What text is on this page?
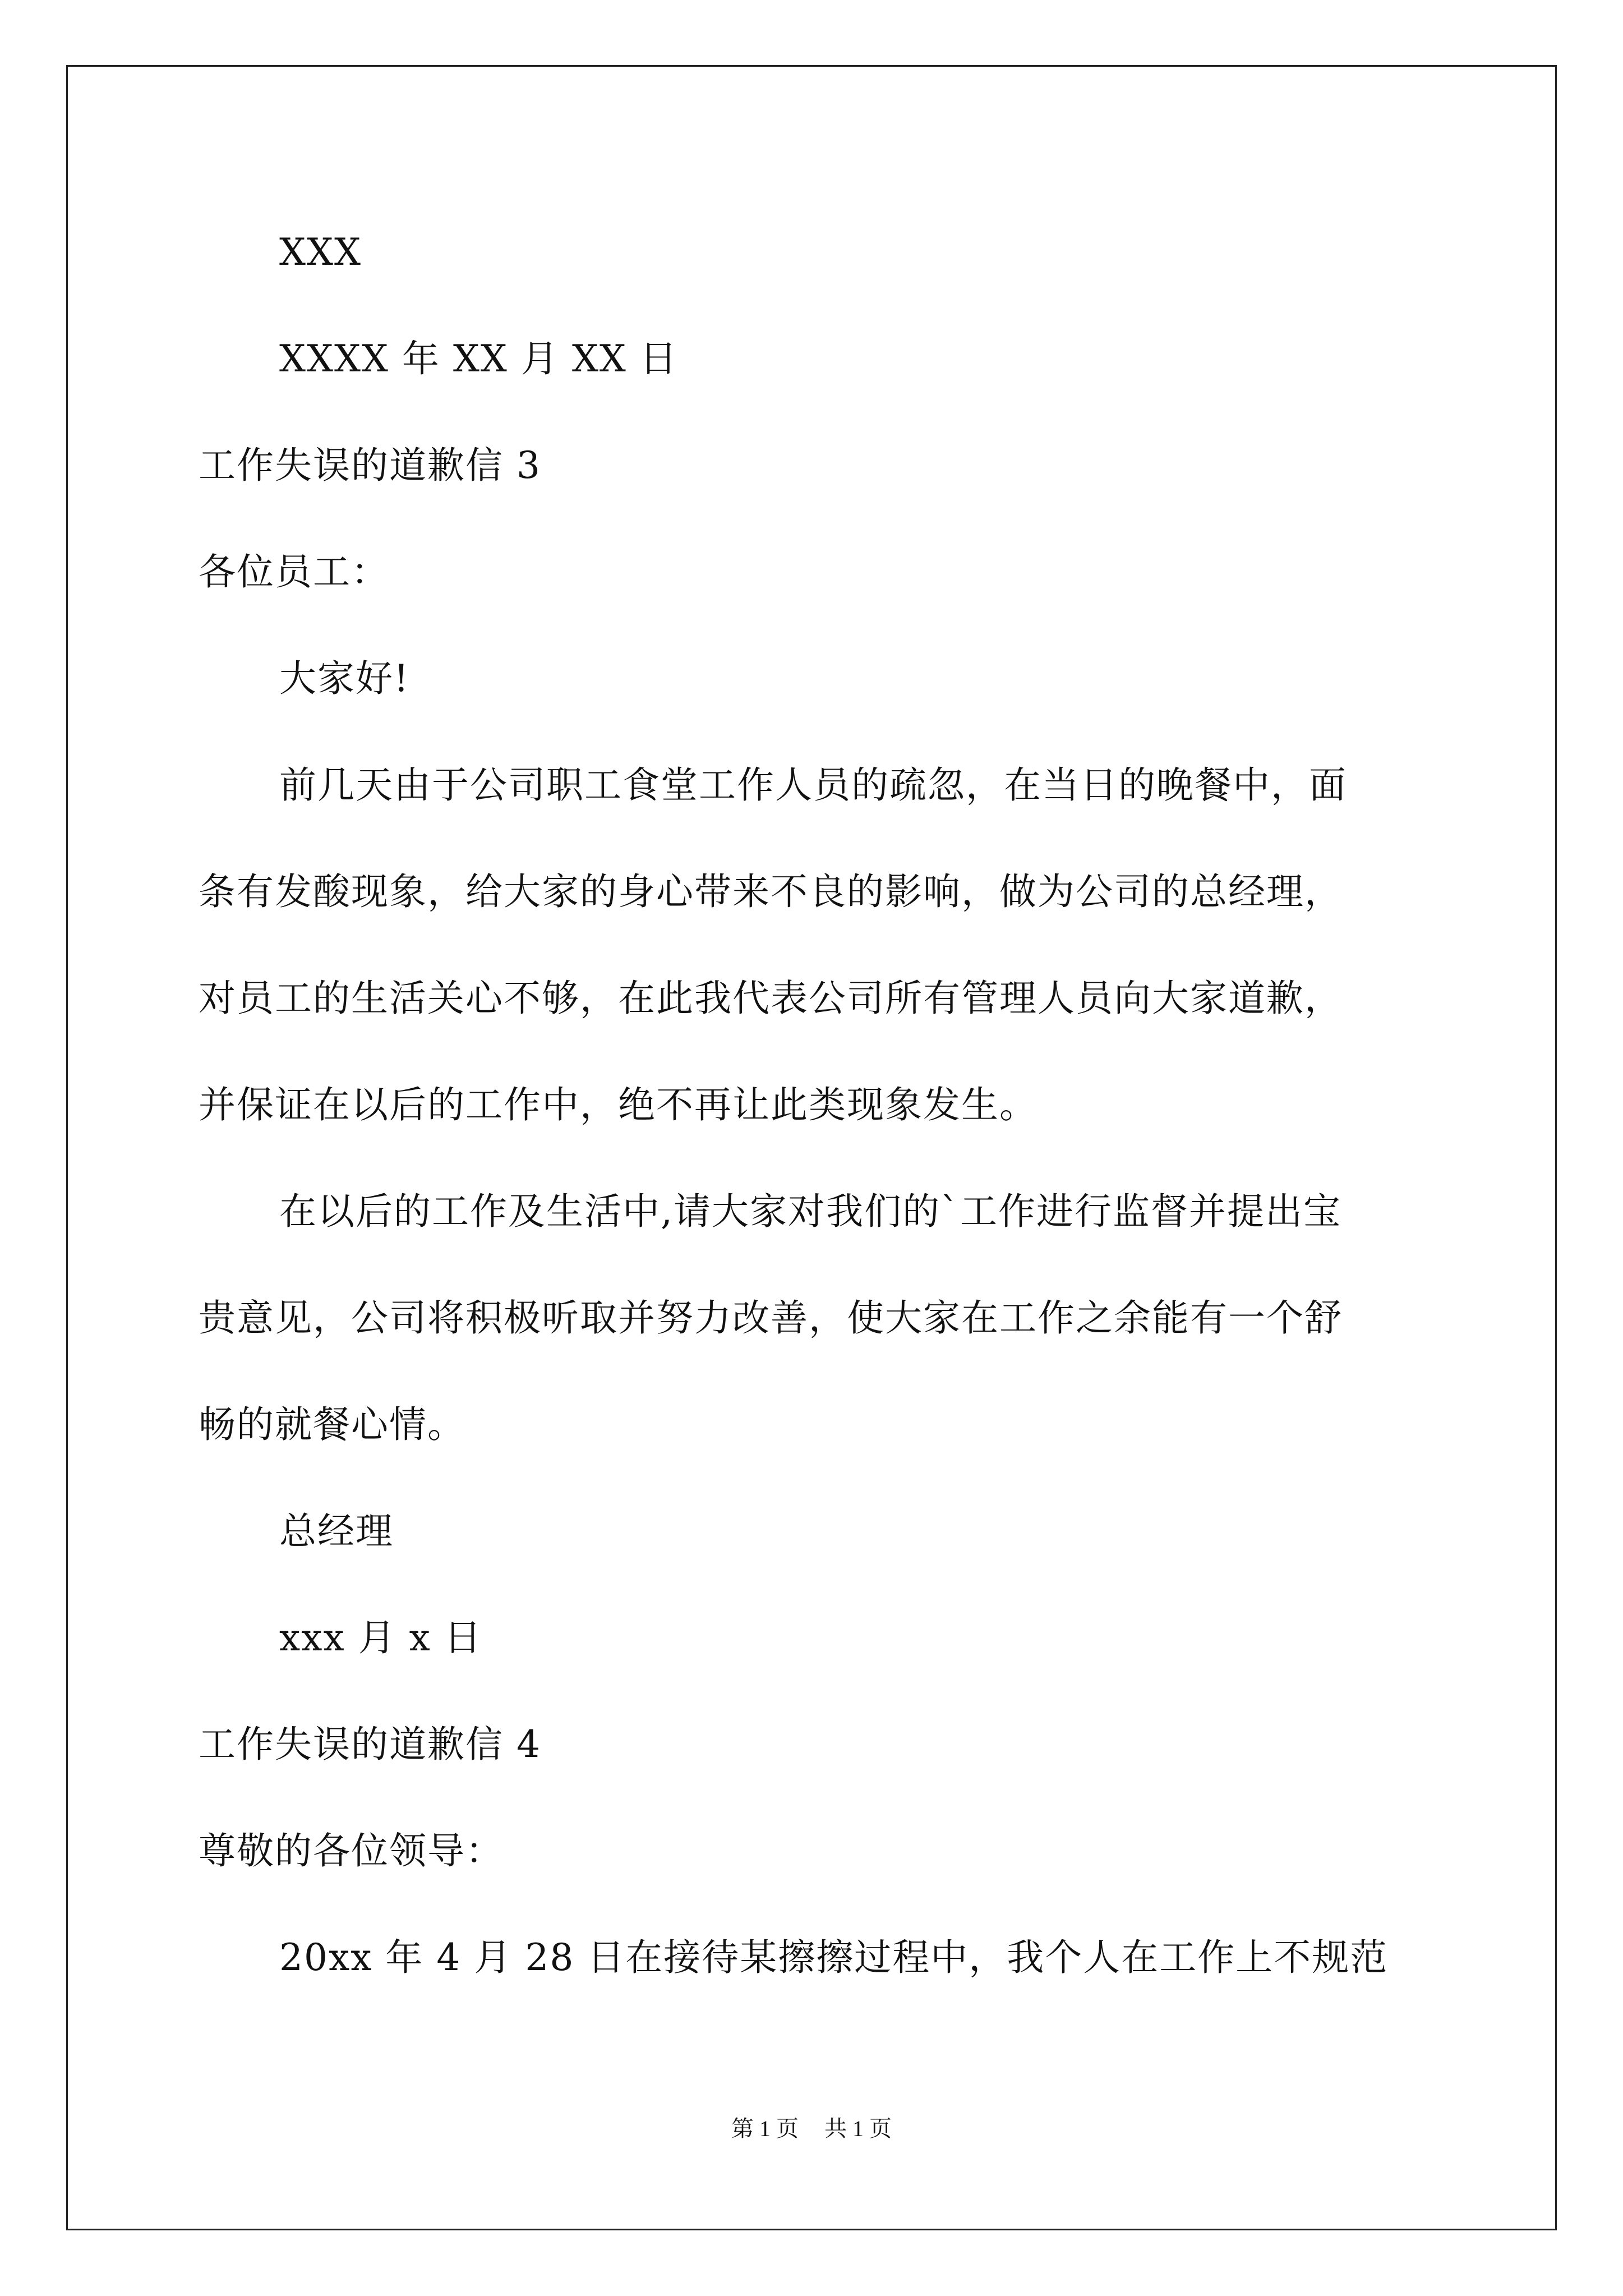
XXX
XXXX 年 XX 月 XX 日
工作失误的道歉信 3
各位员工：
大家好!
前几天由于公司职工食堂工作人员的疏忽，在当日的晚餐中，面
条有发酸现象，给大家的身心带来不良的影响，做为公司的总经理，
对员工的生活关心不够，在此我代表公司所有管理人员向大家道歉，
并保证在以后的工作中，绝不再让此类现象发生。
在以后的工作及生活中,请大家对我们的`工作进行监督并提出宝
贵意见，公司将积极听取并努力改善，使大家在工作之余能有一个舒
畅的就餐心情。
总经理
xxx 月 x 日
工作失误的道歉信 4
尊敬的各位领导：
20xx 年 4 月 28 日在接待某擦擦过程中，我个人在工作上不规范
第 1 页 共 1 页
